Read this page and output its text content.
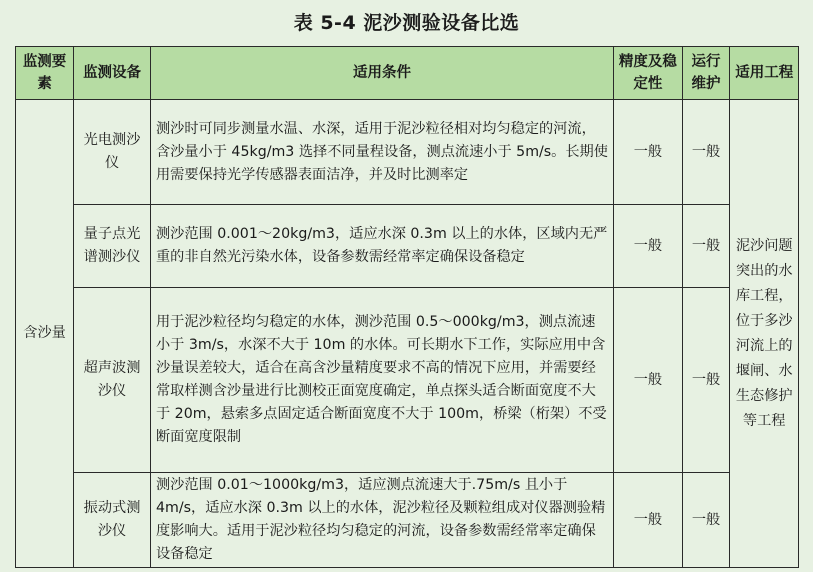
表 5-4 泥沙测验设备比选
监测要素	监测设备	适用条件	精度及稳定性	运行维护	适用工程
含沙量	光电测沙仪	测沙时可同步测量水温、水深，适用于泥沙粒径相对均匀稳定的河流，含沙量小于 45kg/m3 选择不同量程设备，测点流速小于 5m/s。长期使用需要保持光学传感器表面洁净，并及时比测率定	一般	一般	泥沙问题突出的水库工程，位于多沙河流上的堰闸、水生态修护等工程
	量子点光谱测沙仪	测沙范围 0.001～20kg/m3，适应水深 0.3m 以上的水体，区域内无严重的非自然光污染水体，设备参数需经常率定确保设备稳定	一般	一般	
	超声波测沙仪	用于泥沙粒径均匀稳定的水体，测沙范围 0.5～000kg/m3，测点流速小于 3m/s，水深不大于 10m 的水体。可长期水下工作，实际应用中含沙量误差较大，适合在高含沙量精度要求不高的情况下应用，并需要经常取样测含沙量进行比测校正面宽度确定，单点探头适合断面宽度不大于 20m，悬索多点固定适合断面宽度不大于 100m，桥梁（桁架）不受断面宽度限制	一般	一般	
	振动式测沙仪	测沙范围 0.01～1000kg/m3，适应测点流速大于.75m/s 且小于 4m/s，适应水深 0.3m 以上的水体，泥沙粒径及颗粒组成对仪器测验精度影响大。适用于泥沙粒径均匀稳定的河流，设备参数需经常率定确保设备稳定	一般	一般	
